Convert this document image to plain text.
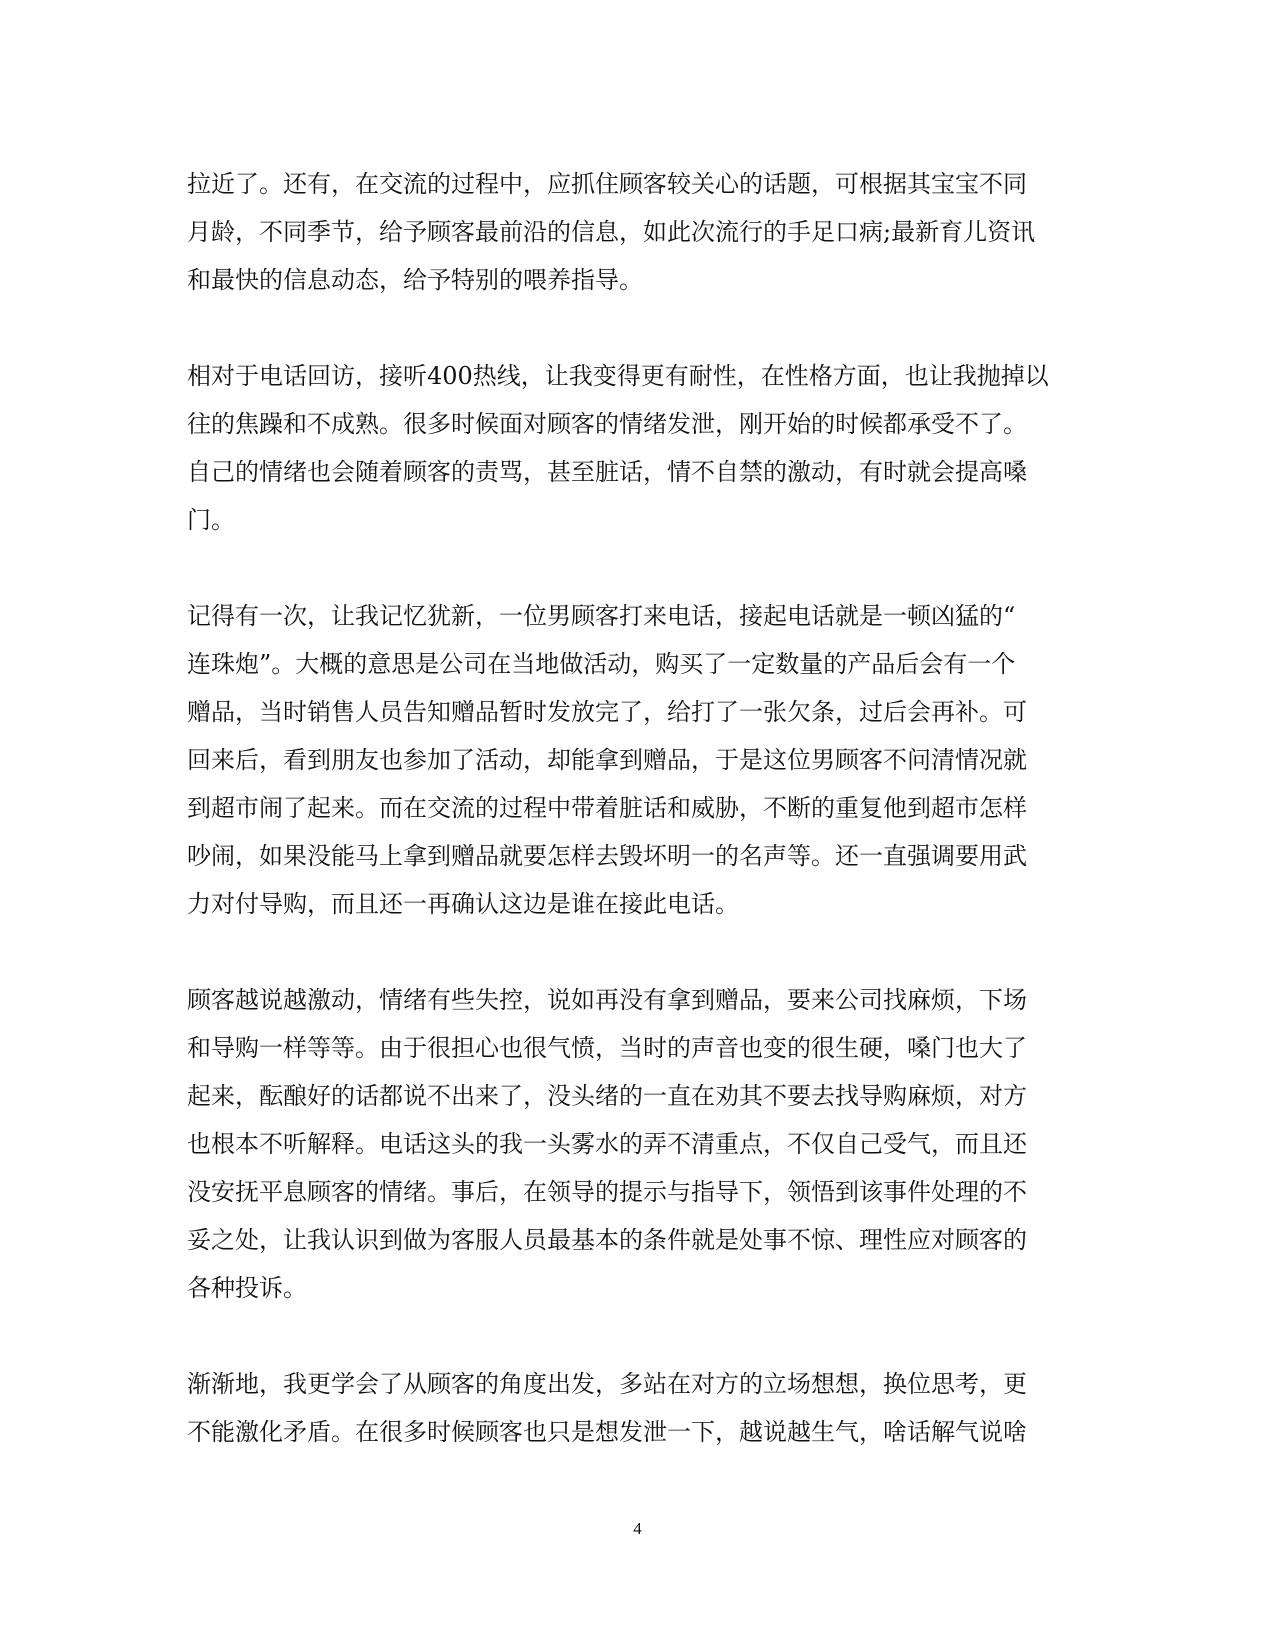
拉近了。还有，在交流的过程中，应抓住顾客较关心的话题，可根据其宝宝不同
月龄，不同季节，给予顾客最前沿的信息，如此次流行的手足口病;最新育儿资讯
和最快的信息动态，给予特别的喂养指导。

相对于电话回访，接听400热线，让我变得更有耐性，在性格方面，也让我抛掉以
往的焦躁和不成熟。很多时候面对顾客的情绪发泄，刚开始的时候都承受不了。
自己的情绪也会随着顾客的责骂，甚至脏话，情不自禁的激动，有时就会提高嗓
门。

记得有一次，让我记忆犹新，一位男顾客打来电话，接起电话就是一顿凶猛的“
连珠炮”。大概的意思是公司在当地做活动，购买了一定数量的产品后会有一个
赠品，当时销售人员告知赠品暂时发放完了，给打了一张欠条，过后会再补。可
回来后，看到朋友也参加了活动，却能拿到赠品，于是这位男顾客不问清情况就
到超市闹了起来。而在交流的过程中带着脏话和威胁，不断的重复他到超市怎样
吵闹，如果没能马上拿到赠品就要怎样去毁坏明一的名声等。还一直强调要用武
力对付导购，而且还一再确认这边是谁在接此电话。

顾客越说越激动，情绪有些失控，说如再没有拿到赠品，要来公司找麻烦，下场
和导购一样等等。由于很担心也很气愤，当时的声音也变的很生硬，嗓门也大了
起来，酝酿好的话都说不出来了，没头绪的一直在劝其不要去找导购麻烦，对方
也根本不听解释。电话这头的我一头雾水的弄不清重点，不仅自己受气，而且还
没安抚平息顾客的情绪。事后，在领导的提示与指导下，领悟到该事件处理的不
妥之处，让我认识到做为客服人员最基本的条件就是处事不惊、理性应对顾客的
各种投诉。

渐渐地，我更学会了从顾客的角度出发，多站在对方的立场想想，换位思考，更
不能激化矛盾。在很多时候顾客也只是想发泄一下，越说越生气，啥话解气说啥

4
